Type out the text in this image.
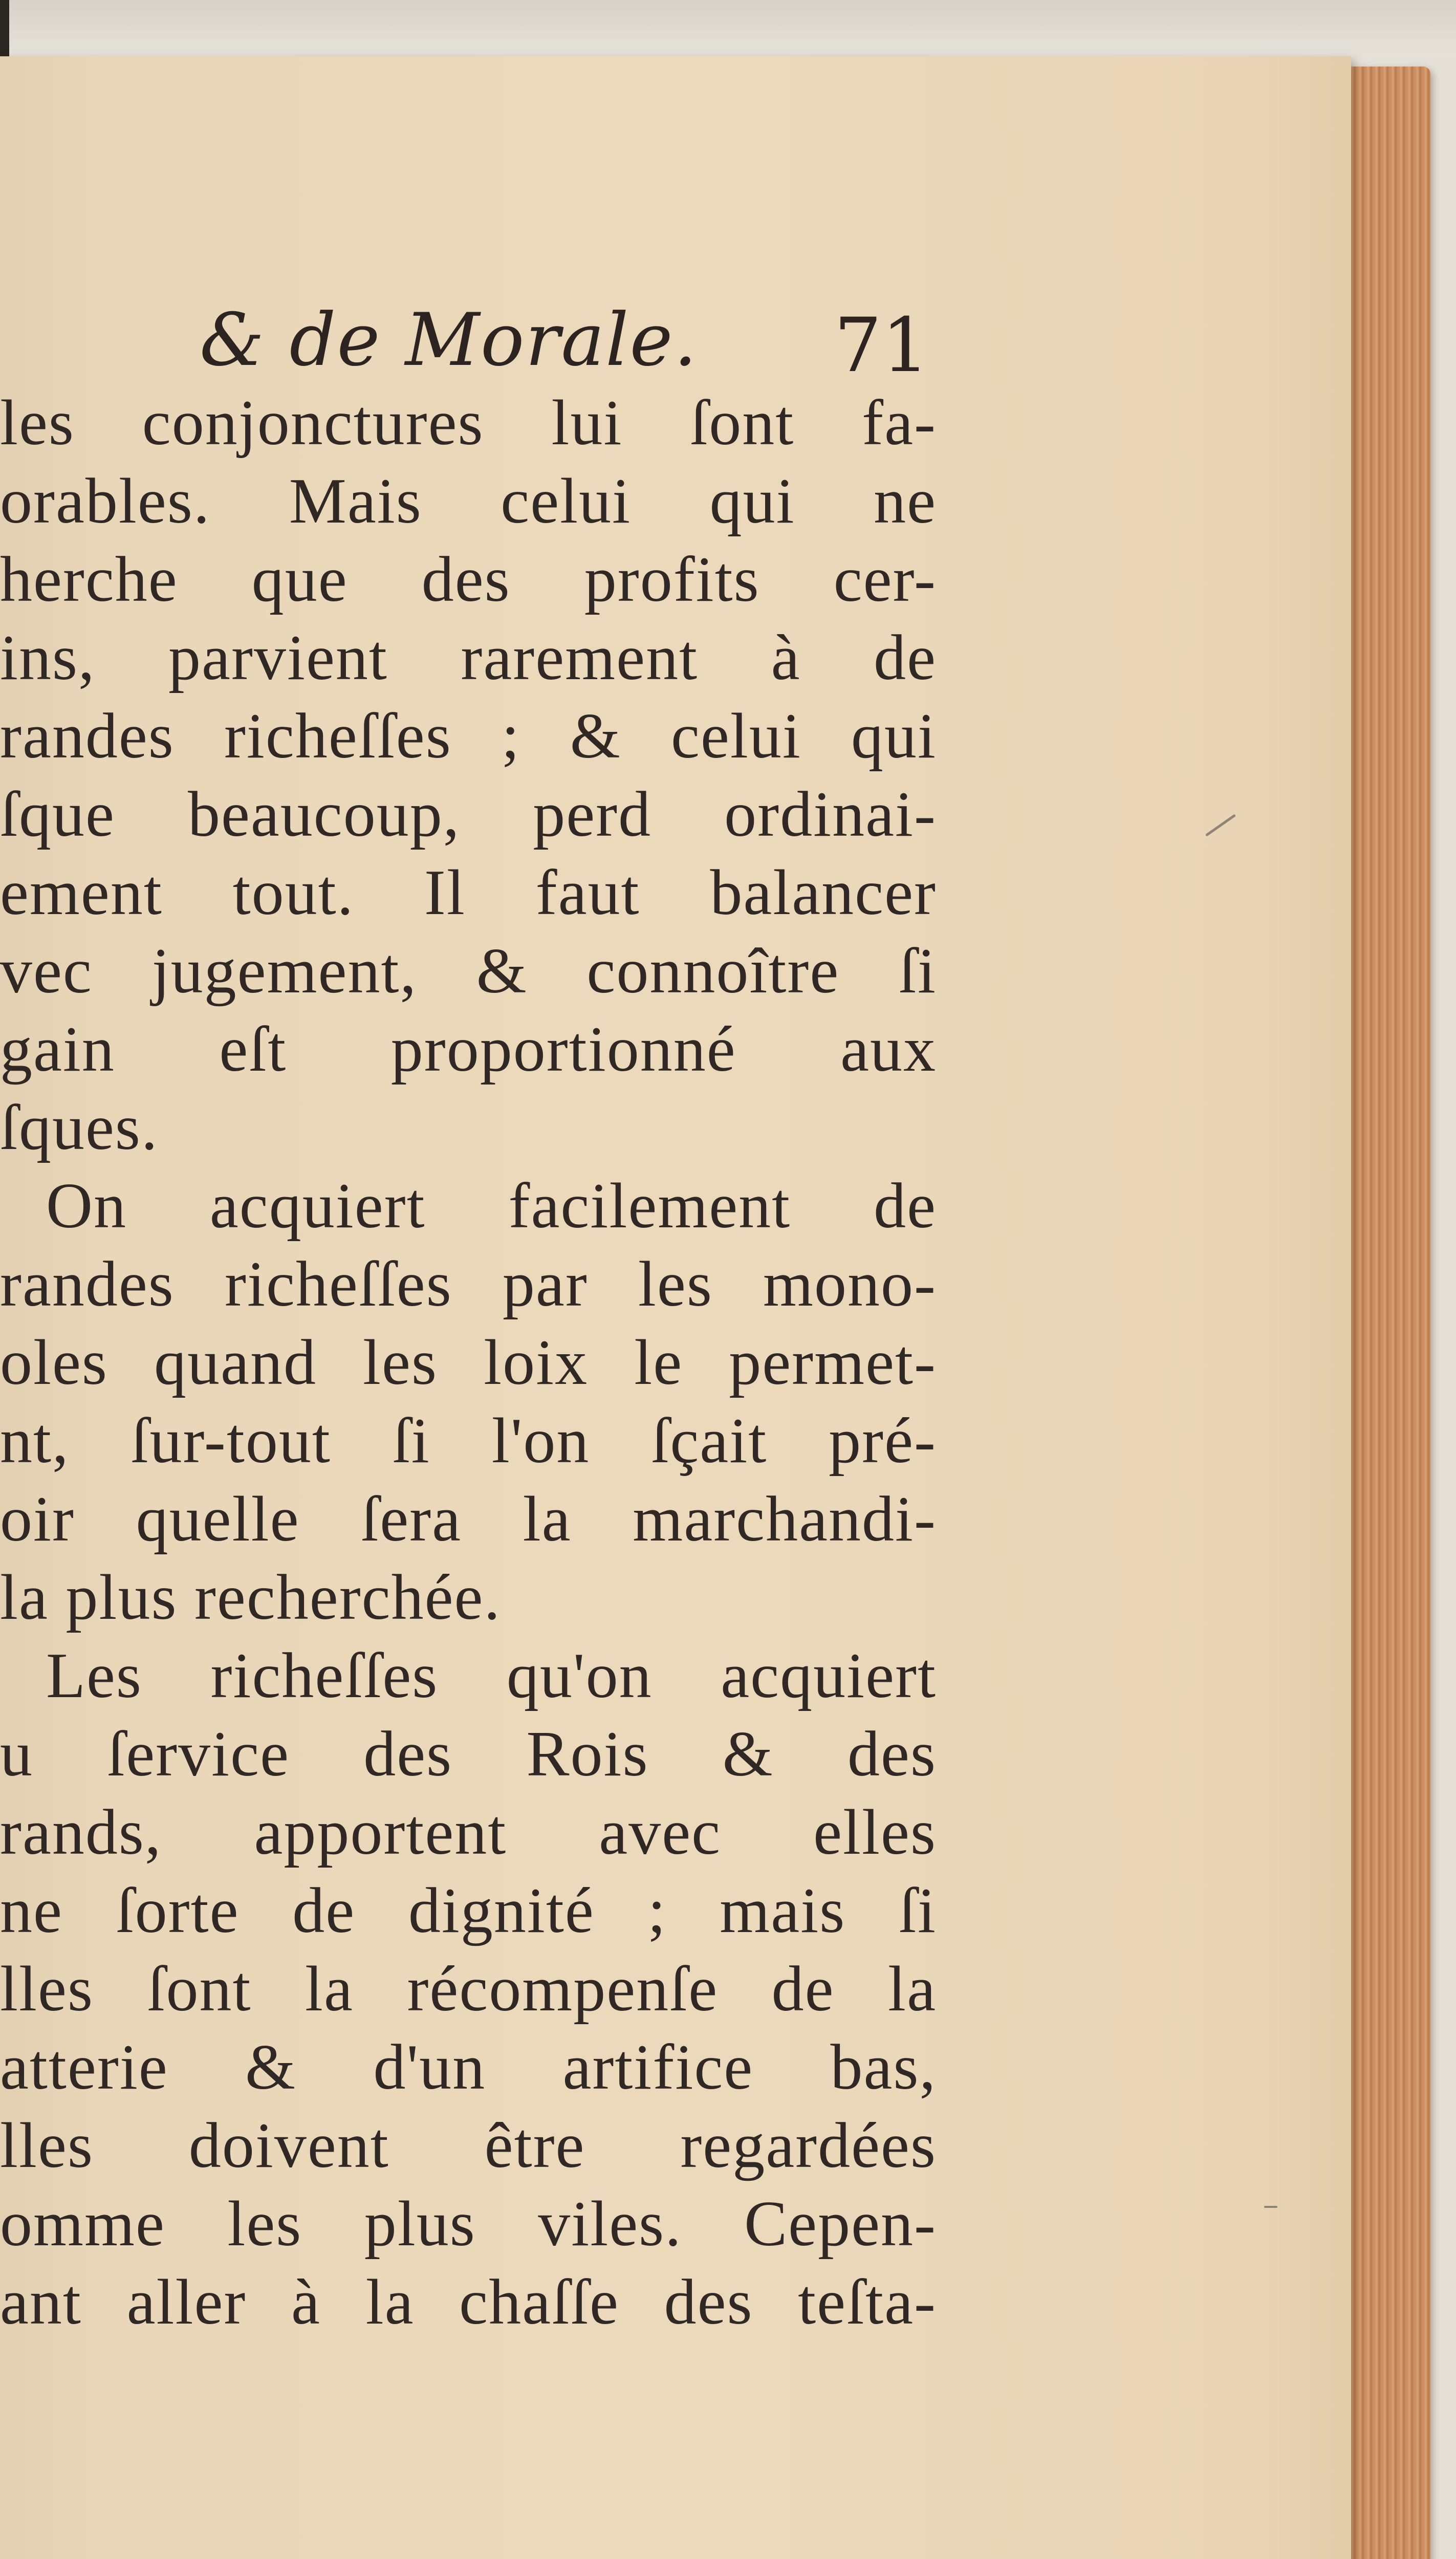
& de Morale. 71
les conjonctures lui ſont fa-
orables. Mais celui qui ne
herche que des profits cer-
ins, parvient rarement à de
randes richeſſes ; & celui qui
ſque beaucoup, perd ordinai-
ement tout. Il faut balancer
vec jugement, & connoître ſi
gain eſt proportionné aux
ſques.
On acquiert facilement de
randes richeſſes par les mono-
oles quand les loix le permet-
nt, ſur-tout ſi l'on ſçait pré-
oir quelle ſera la marchandi-
la plus recherchée.
Les richeſſes qu'on acquiert
u ſervice des Rois & des
rands, apportent avec elles
ne ſorte de dignité ; mais ſi
lles ſont la récompenſe de la
atterie & d'un artifice bas,
lles doivent être regardées
omme les plus viles. Cepen-
ant aller à la chaſſe des teſta-
